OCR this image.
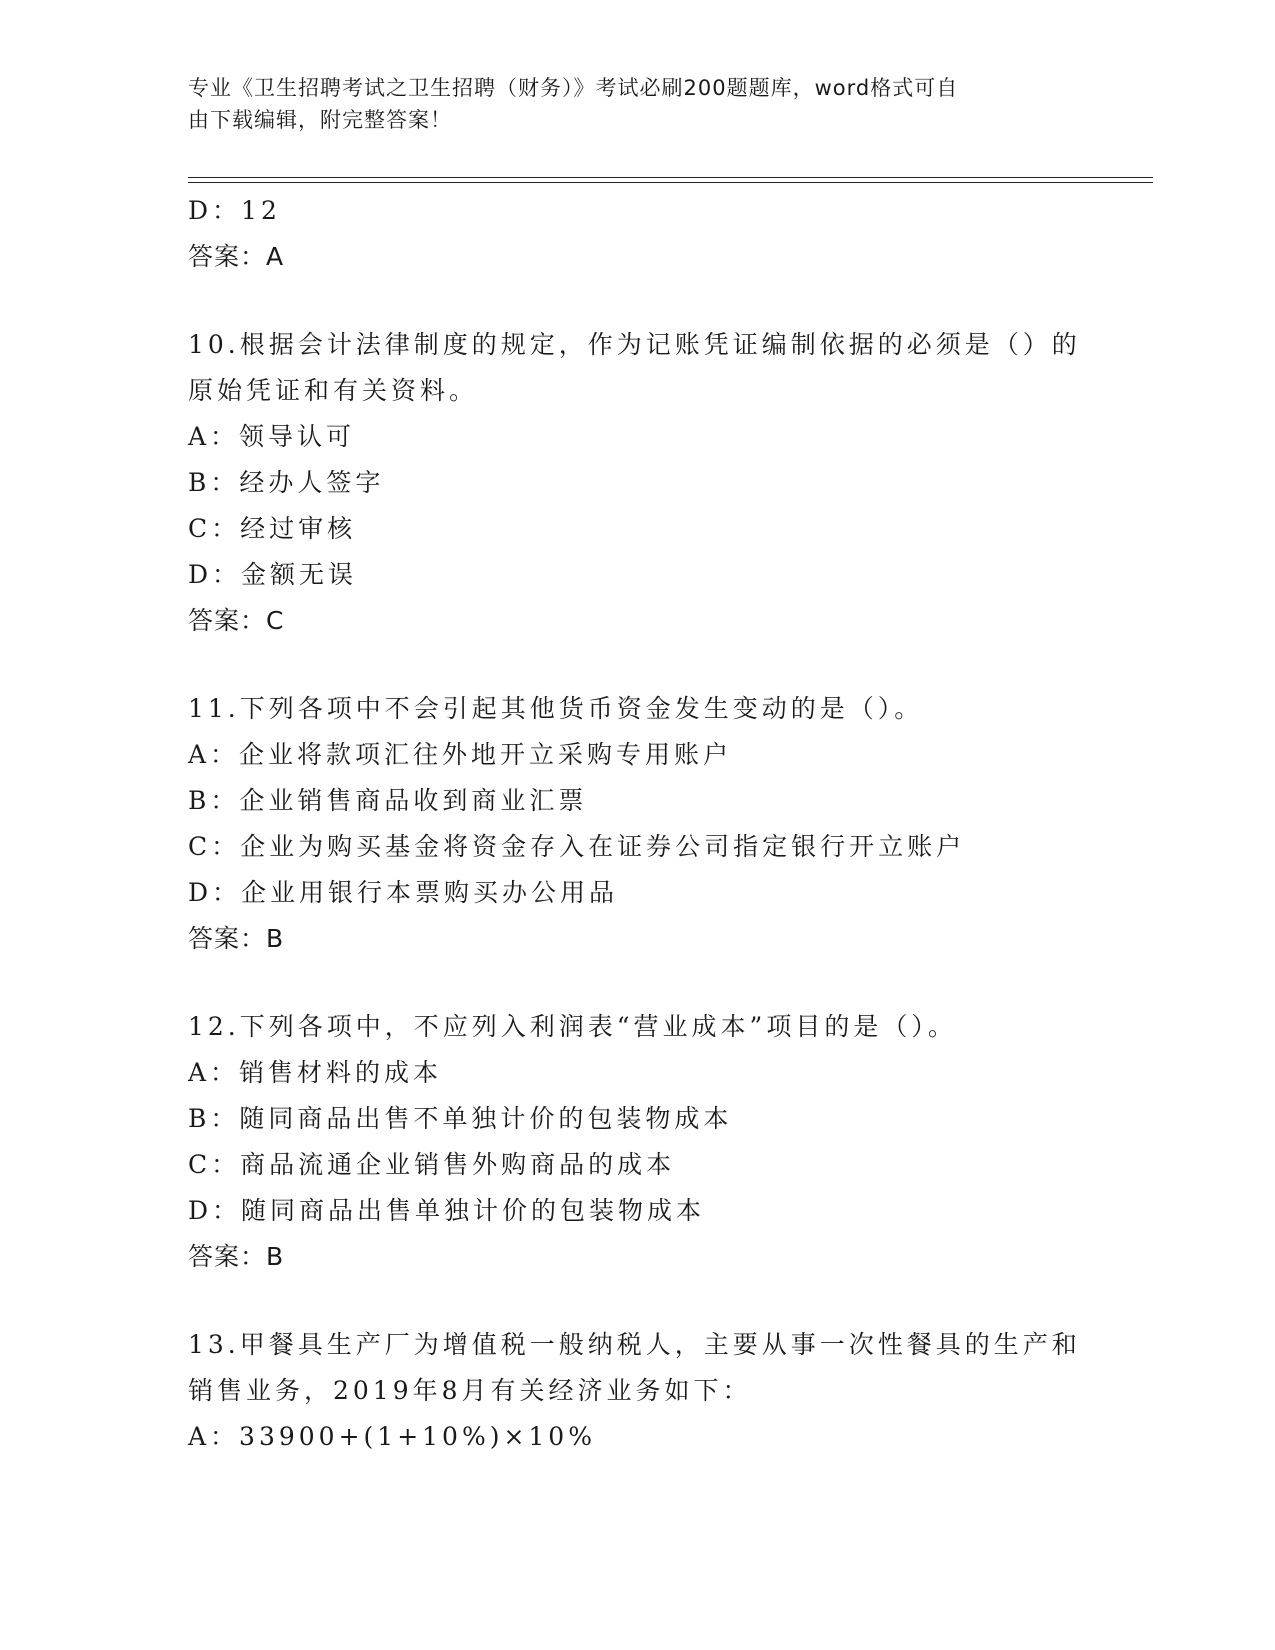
专业《卫生招聘考试之卫生招聘（财务）》考试必刷200题题库，word格式可自
由下载编辑，附完整答案！
D：12
答案：A
10.根据会计法律制度的规定，作为记账凭证编制依据的必须是（）的
原始凭证和有关资料。
A：领导认可
B：经办人签字
C：经过审核
D：金额无误
答案：C
11.下列各项中不会引起其他货币资金发生变动的是（）。
A：企业将款项汇往外地开立采购专用账户
B：企业销售商品收到商业汇票
C：企业为购买基金将资金存入在证券公司指定银行开立账户
D：企业用银行本票购买办公用品
答案：B
12.下列各项中，不应列入利润表“营业成本”项目的是（）。
A：销售材料的成本
B：随同商品出售不单独计价的包装物成本
C：商品流通企业销售外购商品的成本
D：随同商品出售单独计价的包装物成本
答案：B
13.甲餐具生产厂为增值税一般纳税人，主要从事一次性餐具的生产和
销售业务，2019年8月有关经济业务如下：
A：33900+(1+10%)×10%
